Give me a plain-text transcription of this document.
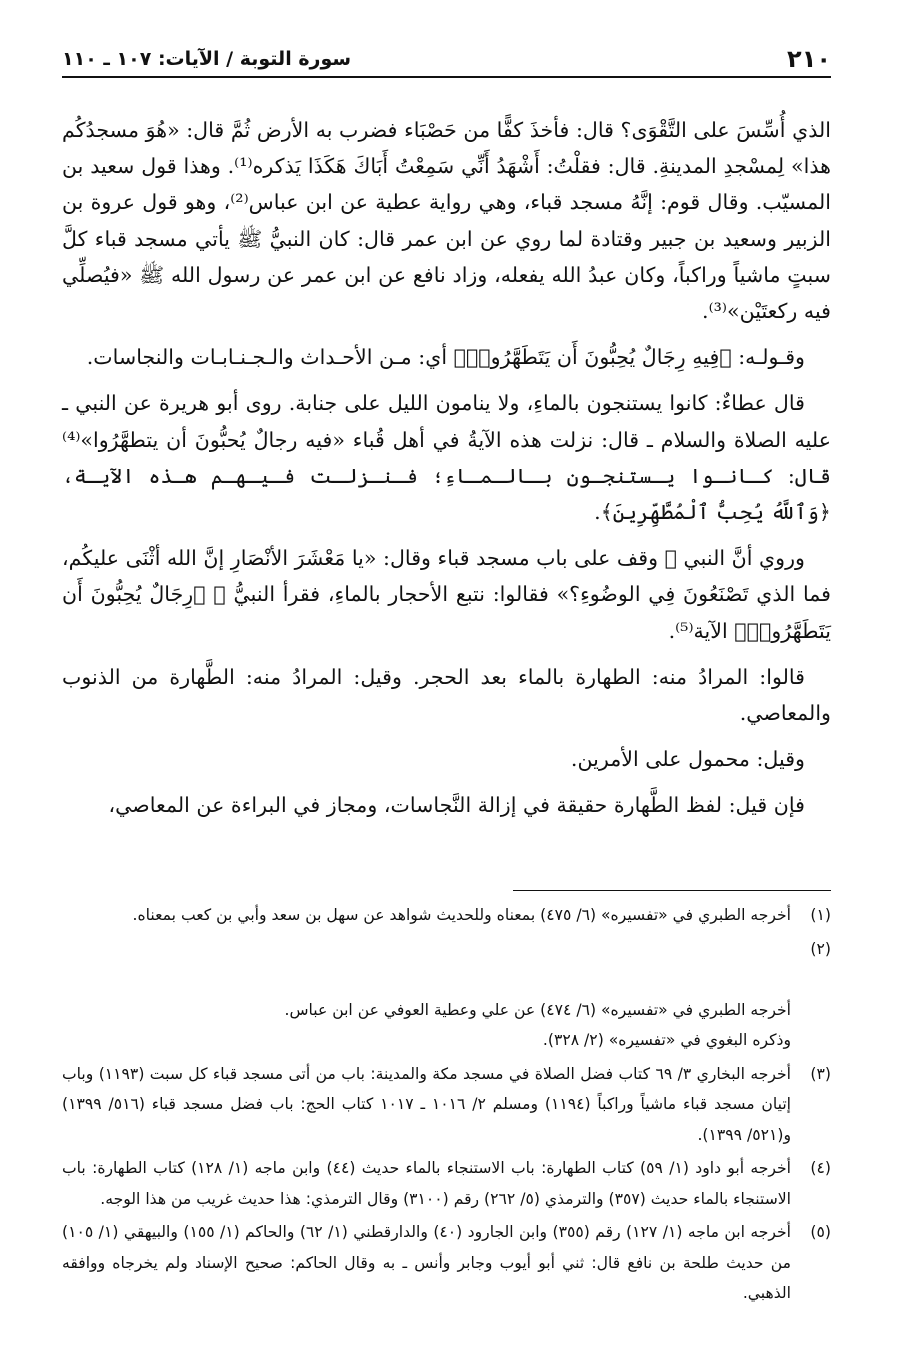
٢١٠
سورة التوبة / الآيات: ١٠٧ ـ ١١٠

الذي أُسِّسَ على التَّقْوَى؟ قال: فأخذَ كفًّا من حَصْبَاء فضرب به الأرض ثُمَّ قال: «هُوَ مسجدُكُم هذا» لِمسْجدِ المدينةِ. قال: فقلْتُ: أَشْهَدُ أَنِّي سَمِعْتُ أَبَاكَ هَكَذَا يَذكره⁽¹⁾. وهذا قول سعيد بن المسيّب. وقال قوم: إنَّهُ مسجد قباء، وهي رواية عطية عن ابن عباس⁽²⁾، وهو قول عروة بن الزبير وسعيد بن جبير وقتادة لما روي عن ابن عمر قال: كان النبيُّ ﷺ يأتي مسجد قباء كلَّ سبتٍ ماشياً وراكباً، وكان عبدُ الله يفعله، وزاد نافع عن ابن عمر عن رسول الله ﷺ «فيُصلِّي فيه ركعتَيْن»⁽³⁾.

وقـولـه: ﴿فِيهِ رِجَالٌ يُحِبُّونَ أَن يَتَطَهَّرُوا۟﴾ أي: مـن الأحـداث والـجـنـابـات والنجاسات.

قال عطاءٌ: كانوا يستنجون بالماءِ، ولا ينامون الليل على جنابة. روى أبو هريرة عن النبي ـ عليه الصلاة والسلام ـ قال: نزلت هذه الآيةُ في أهل قُباء «فيه رجالٌ يُحبُّونَ أن يتطهَّرُوا»⁽⁴⁾ قال: كـانـوا يـستنجـون بـالـمـاءِ؛ فـنـزلـت فـيـهـم هـذه الآيـة، ﴿وَٱللَّهُ يُحِبُّ ٱلْمُطَّهِّرِينَ﴾.

وروي أنَّ النبي ﷺ وقف على باب مسجد قباء وقال: «يا مَعْشَرَ الأنْصَارِ إنَّ الله أثْنَى عليكُم، فما الذي تَصْنَعُونَ فِي الوضُوءِ؟» فقالوا: نتبع الأحجار بالماءِ، فقرأ النبيُّ ﷺ ﴿رِجَالٌ يُحِبُّونَ أَن يَتَطَهَّرُوا۟﴾ الآية⁽⁵⁾.

قالوا: المرادُ منه: الطهارة بالماء بعد الحجر. وقيل: المرادُ منه: الطَّهارة من الذنوب والمعاصي.

وقيل: محمول على الأمرين.

فإن قيل: لفظ الطَّهارة حقيقة في إزالة النَّجاسات، ومجاز في البراءة عن المعاصي،

(١)
أخرجه الطبري في «تفسيره» (٦/ ٤٧٥) بمعناه وللحديث شواهد عن سهل بن سعد وأبي بن كعب بمعناه.

(٢)

أخرجه الطبري في «تفسيره» (٦/ ٤٧٤) عن علي وعطية العوفي عن ابن عباس.
وذكره البغوي في «تفسيره» (٢/ ٣٢٨).

(٣)
أخرجه البخاري ٣/ ٦٩ كتاب فضل الصلاة في مسجد مكة والمدينة: باب من أتى مسجد قباء كل سبت (١١٩٣) وباب إتيان مسجد قباء ماشياً وراكباً (١١٩٤) ومسلم ٢/ ١٠١٦ ـ ١٠١٧ كتاب الحج: باب فضل مسجد قباء (٥١٦/ ١٣٩٩) و(٥٢١/ ١٣٩٩).
(٤)
أخرجه أبو داود (١/ ٥٩) كتاب الطهارة: باب الاستنجاء بالماء حديث (٤٤) وابن ماجه (١/ ١٢٨) كتاب الطهارة: باب الاستنجاء بالماء حديث (٣٥٧) والترمذي (٥/ ٢٦٢) رقم (٣١٠٠) وقال الترمذي: هذا حديث غريب من هذا الوجه.
(٥)
أخرجه ابن ماجه (١/ ١٢٧) رقم (٣٥٥) وابن الجارود (٤٠) والدارقطني (١/ ٦٢) والحاكم (١/ ١٥٥) والبيهقي (١/ ١٠٥) من حديث طلحة بن نافع قال: ثني أبو أيوب وجابر وأنس ـ به وقال الحاكم: صحيح الإسناد ولم يخرجاه ووافقه الذهبي.
